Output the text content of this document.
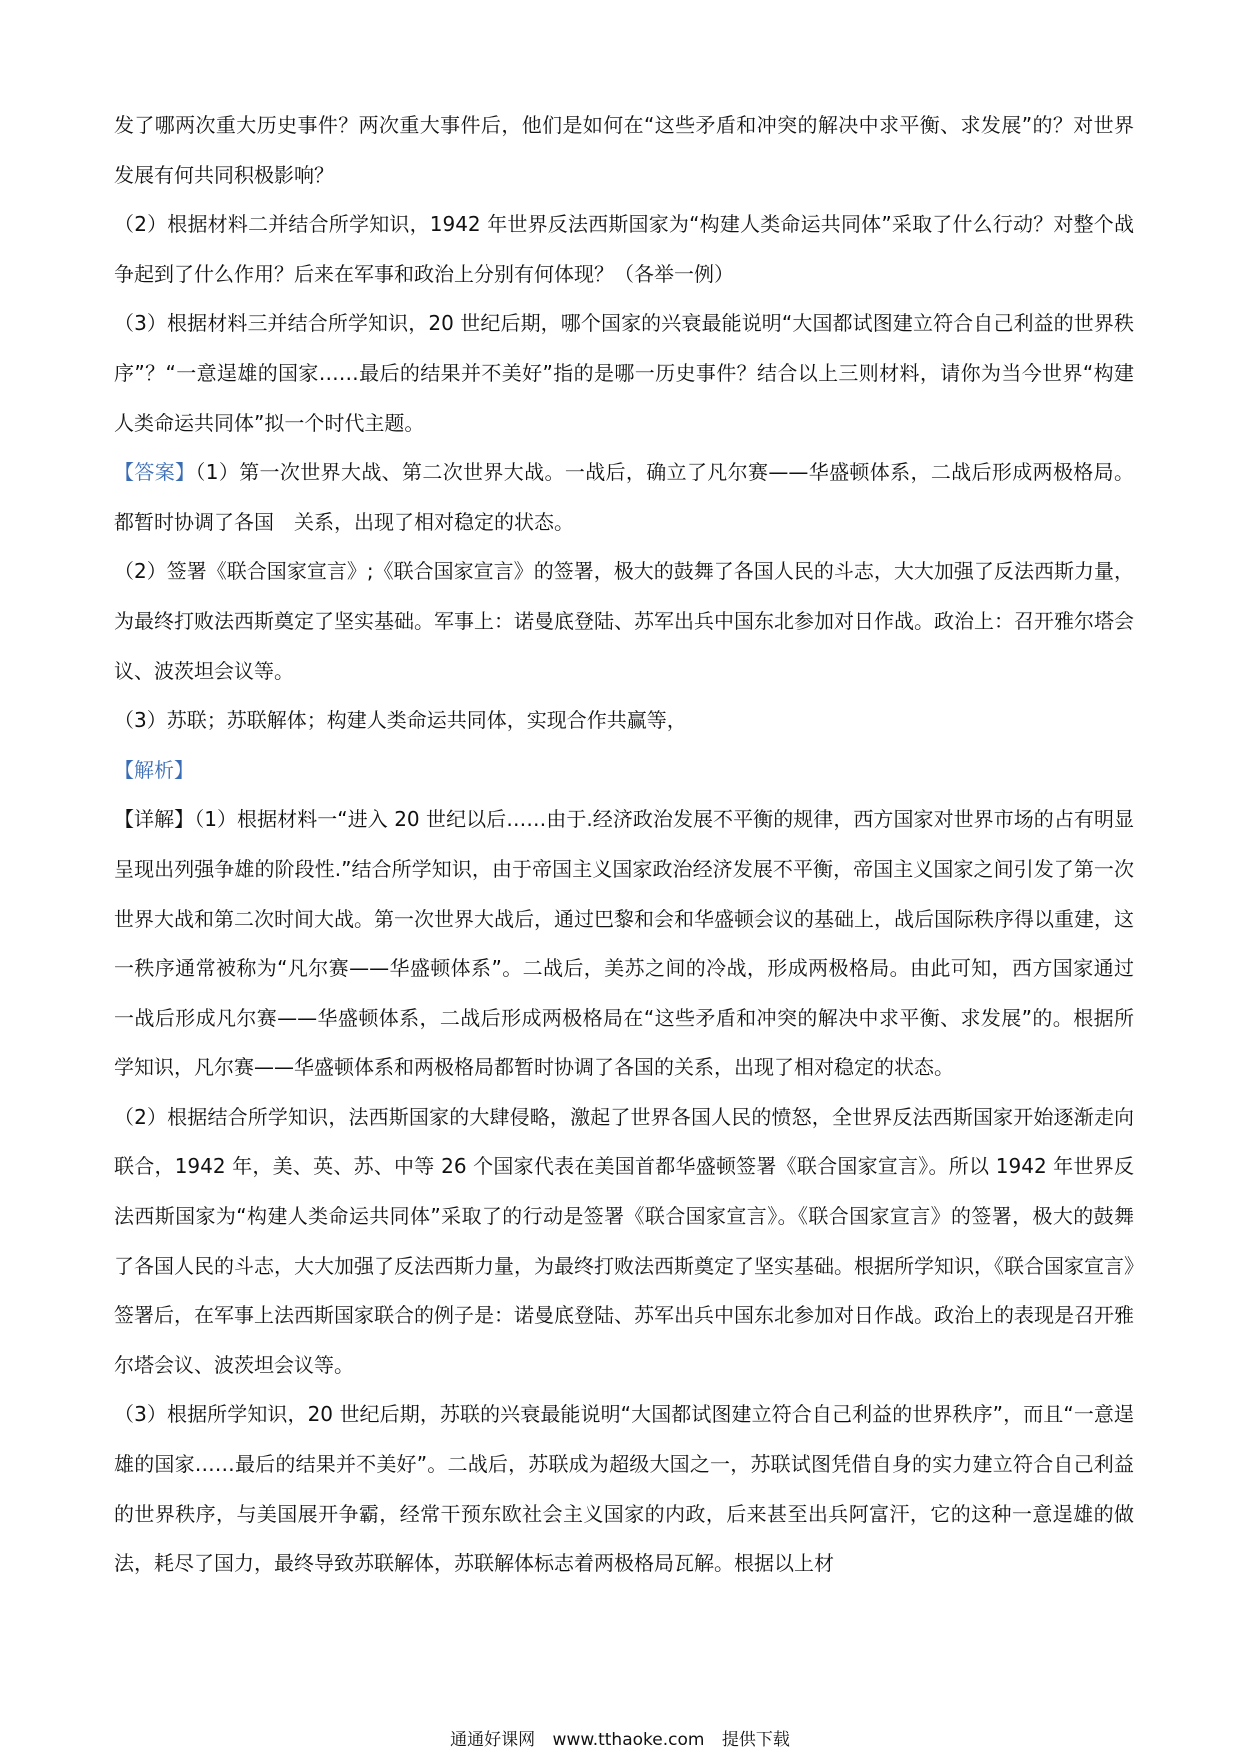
发了哪两次重大历史事件？两次重大事件后，他们是如何在“这些矛盾和冲突的解决中求平衡、求发展”的？对世界发展有何共同积极影响？

（2）根据材料二并结合所学知识，1942 年世界反法西斯国家为“构建人类命运共同体”采取了什么行动？对整个战争起到了什么作用？后来在军事和政治上分别有何体现？（各举一例）

（3）根据材料三并结合所学知识，20 世纪后期，哪个国家的兴衰最能说明“大国都试图建立符合自己利益的世界秩序”？“一意逞雄的国家……最后的结果并不美好”指的是哪一历史事件？结合以上三则材料，请你为当今世界“构建人类命运共同体”拟一个时代主题。

【答案】（1）第一次世界大战、第二次世界大战。一战后，确立了凡尔赛——华盛顿体系，二战后形成两极格局。都暂时协调了各国　关系，出现了相对稳定的状态。

（2）签署《联合国家宣言》;《联合国家宣言》的签署，极大的鼓舞了各国人民的斗志，大大加强了反法西斯力量，为最终打败法西斯奠定了坚实基础。军事上：诺曼底登陆、苏军出兵中国东北参加对日作战。政治上：召开雅尔塔会议、波茨坦会议等。

（3）苏联；苏联解体；构建人类命运共同体，实现合作共赢等，

【解析】

【详解】（1）根据材料一“进入 20 世纪以后……由于.经济政治发展不平衡的规律，西方国家对世界市场的占有明显呈现出列强争雄的阶段性.”结合所学知识，由于帝国主义国家政治经济发展不平衡，帝国主义国家之间引发了第一次世界大战和第二次时间大战。第一次世界大战后，通过巴黎和会和华盛顿会议的基础上，战后国际秩序得以重建，这一秩序通常被称为“凡尔赛——华盛顿体系”。二战后，美苏之间的冷战，形成两极格局。由此可知，西方国家通过一战后形成凡尔赛——华盛顿体系，二战后形成两极格局在“这些矛盾和冲突的解决中求平衡、求发展”的。根据所学知识，凡尔赛——华盛顿体系和两极格局都暂时协调了各国的关系，出现了相对稳定的状态。

（2）根据结合所学知识，法西斯国家的大肆侵略，激起了世界各国人民的愤怒，全世界反法西斯国家开始逐渐走向联合，1942 年，美、英、苏、中等 26 个国家代表在美国首都华盛顿签署《联合国家宣言》。所以 1942 年世界反法西斯国家为“构建人类命运共同体”采取了的行动是签署《联合国家宣言》。《联合国家宣言》的签署，极大的鼓舞了各国人民的斗志，大大加强了反法西斯力量，为最终打败法西斯奠定了坚实基础。根据所学知识，《联合国家宣言》签署后，在军事上法西斯国家联合的例子是：诺曼底登陆、苏军出兵中国东北参加对日作战。政治上的表现是召开雅尔塔会议、波茨坦会议等。

（3）根据所学知识，20 世纪后期，苏联的兴衰最能说明“大国都试图建立符合自己利益的世界秩序”，而且“一意逞雄的国家……最后的结果并不美好”。二战后，苏联成为超级大国之一，苏联试图凭借自身的实力建立符合自己利益的世界秩序，与美国展开争霸，经常干预东欧社会主义国家的内政，后来甚至出兵阿富汗，它的这种一意逞雄的做法，耗尽了国力，最终导致苏联解体，苏联解体标志着两极格局瓦解。根据以上材

通通好课网 www.tthaoke.com 提供下载
